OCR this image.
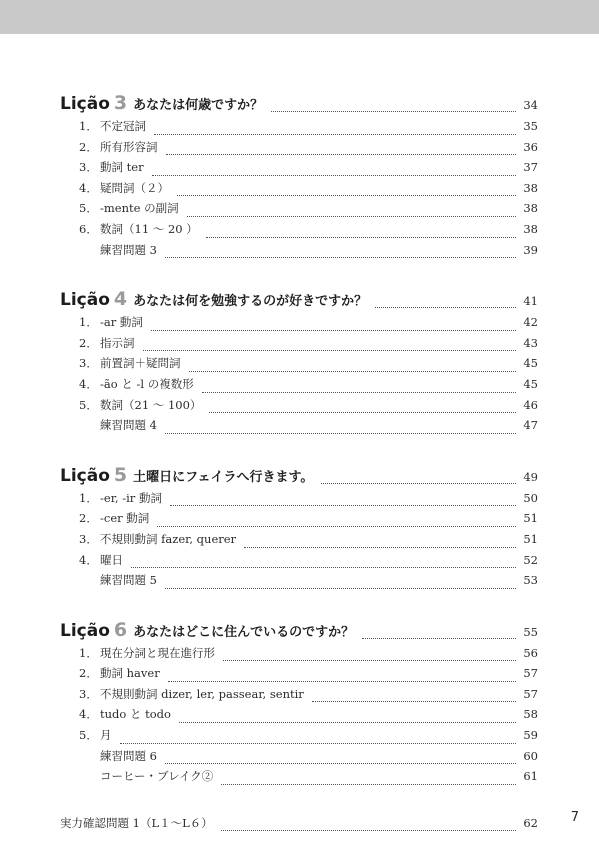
Lição 3 あなたは何歳ですか？	34
1． 不定冠詞	35
2． 所有形容詞	36
3． 動詞 ter	37
4． 疑問詞（２）	38
5． -mente の副詞	38
6． 数詞（11 ～ 20 ）	38
練習問題 3	39
Lição 4 あなたは何を勉強するのが好きですか？	41
1． -ar 動詞	42
2． 指示詞	43
3． 前置詞＋疑問詞	45
4． -ão と -l の複数形	45
5． 数詞（21 ～ 100）	46
練習問題 4	47
Lição 5 土曜日にフェイラへ行きます。	49
1． -er, -ir 動詞	50
2． -cer 動詞	51
3． 不規則動詞 fazer, querer	51
4． 曜日	52
練習問題 5	53
Lição 6 あなたはどこに住んでいるのですか？	55
1． 現在分詞と現在進行形	56
2． 動詞 haver	57
3． 不規則動詞 dizer, ler, passear, sentir	57
4． tudo と todo	58
5． 月	59
練習問題 6	60
コーヒー・ブレイク②	61
実力確認問題 1（L１～L６）	62	7
